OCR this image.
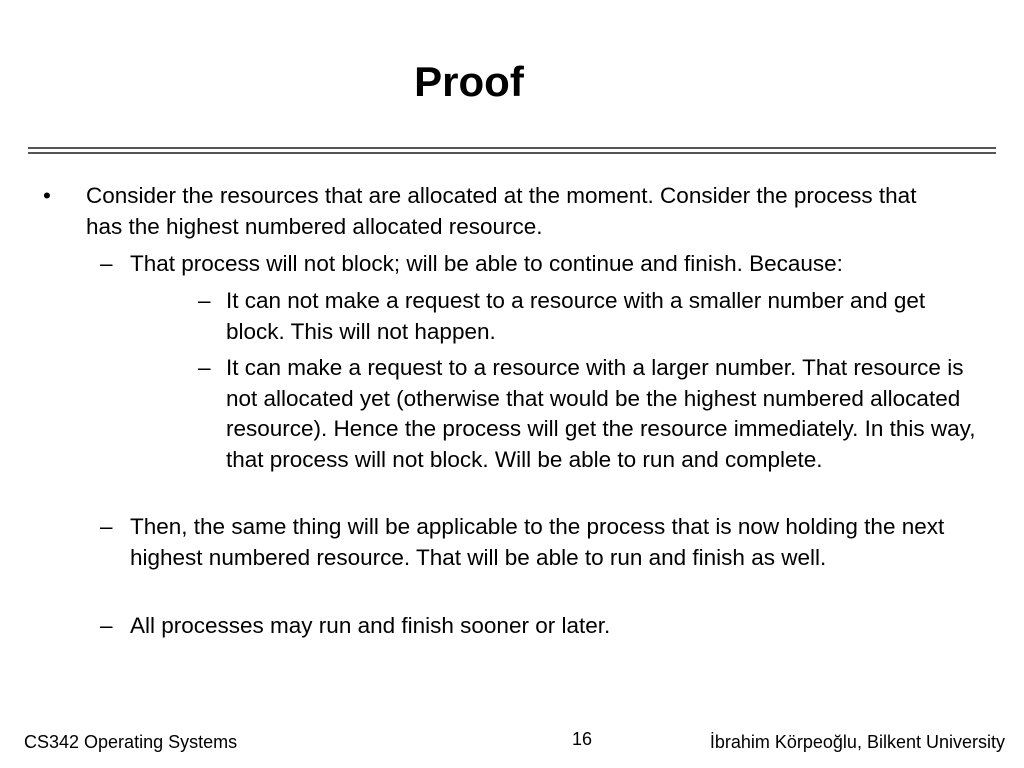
Proof
• Consider the resources that are allocated at the moment. Consider the process that has the highest numbered allocated resource.
– That process will not block; will be able to continue and finish. Because:
– It can not make a request to a resource with a smaller number and get block. This will not happen.
– It can make a request to a resource with a larger number. That resource is not allocated yet (otherwise that would be the highest numbered allocated resource). Hence the process will get the resource immediately. In this way, that process will not block. Will be able to run and complete.
– Then, the same thing will be applicable to the process that is now holding the next highest numbered resource. That will be able to run and finish as well.
– All processes may run and finish sooner or later.
CS342 Operating Systems	16	İbrahim Körpeoğlu, Bilkent University
